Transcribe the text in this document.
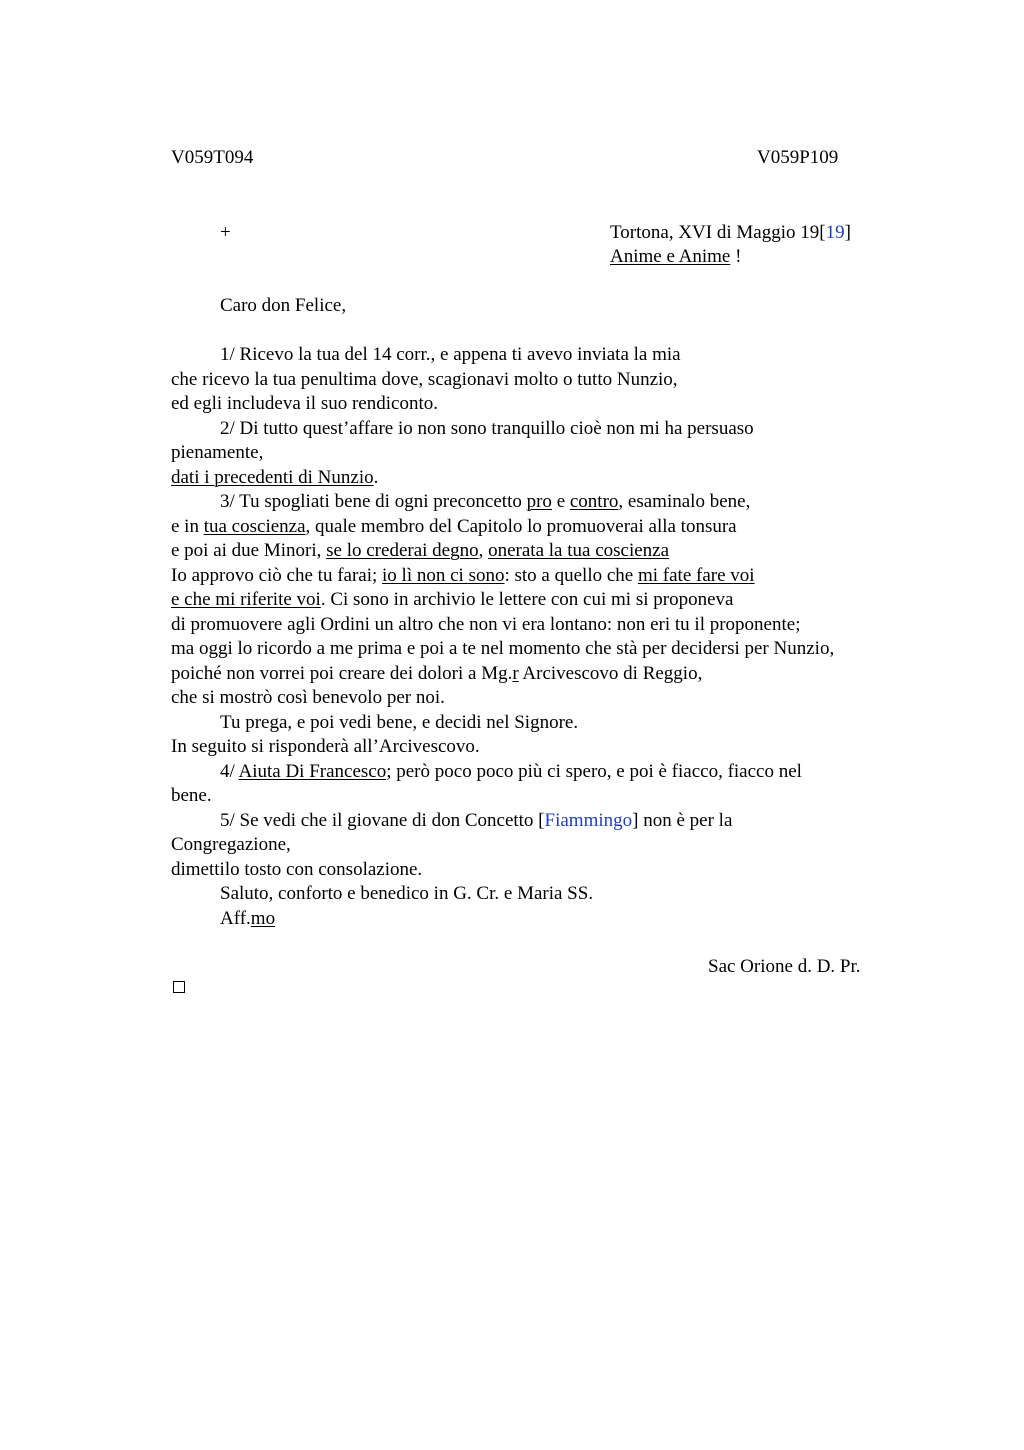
V059T094	V059P109
+	Tortona, XVI di Maggio 19[19]
Anime e Anime !
Caro don Felice,
1/ Ricevo la tua del 14 corr., e appena ti avevo inviata la mia
che ricevo la tua penultima dove, scagionavi molto o tutto Nunzio,
ed egli includeva il suo rendiconto.
2/ Di tutto quest’affare io non sono tranquillo cioè non mi ha persuaso
pienamente,
dati i precedenti di Nunzio.
3/ Tu spogliati bene di ogni preconcetto pro e contro, esaminalo bene,
e in tua coscienza, quale membro del Capitolo lo promuoverai alla tonsura
e poi ai due Minori, se lo crederai degno, onerata la tua coscienza
Io approvo ciò che tu farai; io lì non ci sono: sto a quello che mi fate fare voi
e che mi riferite voi. Ci sono in archivio le lettere con cui mi si proponeva
di promuovere agli Ordini un altro che non vi era lontano: non eri tu il proponente;
ma oggi lo ricordo a me prima e poi a te nel momento che stà per decidersi per Nunzio,
poiché non vorrei poi creare dei dolori a Mg.r Arcivescovo di Reggio,
che si mostrò così benevolo per noi.
Tu prega, e poi vedi bene, e decidi nel Signore.
In seguito si risponderà all’Arcivescovo.
4/ Aiuta Di Francesco; però poco poco più ci spero, e poi è fiacco, fiacco nel
bene.
5/ Se vedi che il giovane di don Concetto [Fiammingo] non è per la
Congregazione,
dimettilo tosto con consolazione.
Saluto, conforto e benedico in G. Cr. e Maria SS.
Aff.mo
Sac Orione d. D. Pr.
